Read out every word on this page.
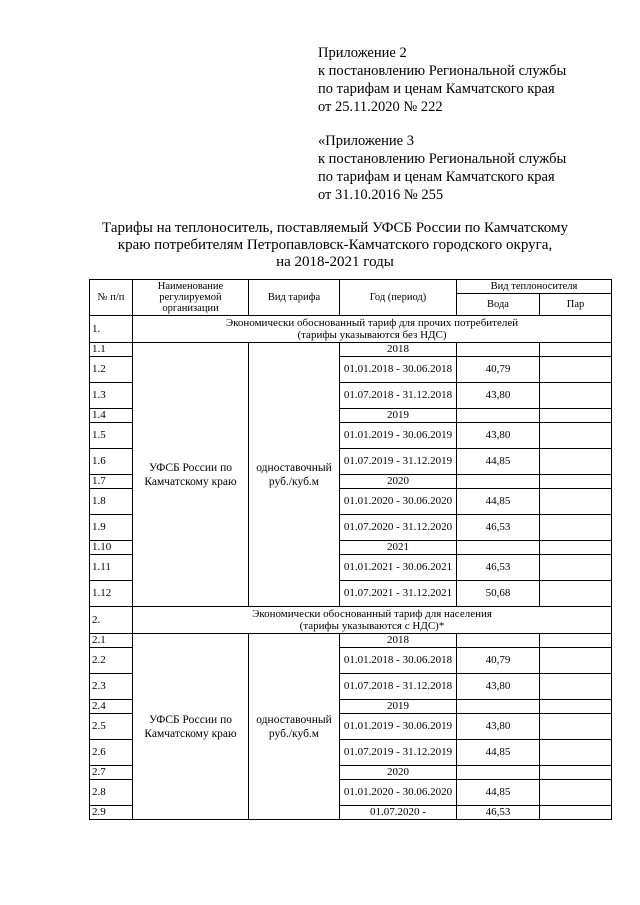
Приложение 2
к постановлению Региональной службы
по тарифам и ценам Камчатского края
от 25.11.2020 № 222
«Приложение 3
к постановлению Региональной службы
по тарифам и ценам Камчатского края
от 31.10.2016 № 255
Тарифы на теплоноситель, поставляемый УФСБ России по Камчатскому
краю потребителям Петропавловск-Камчатского городского округа,
на 2018-2021 годы
№ п/п	Наименование регулируемой организации	Вид тарифа	Год (период)	Вид теплоносителя	
				Вода	Пар
1.	Экономически обоснованный тариф для прочих потребителей
(тарифы указываются без НДС)				

1.1	УФСБ России по Камчатскому краю	одноставочный руб./куб.м	2018		
1.2			01.01.2018 - 30.06.2018	40,79	
1.3			01.07.2018 - 31.12.2018	43,80	
1.4			2019		
1.5			01.01.2019 - 30.06.2019	43,80	
1.6			01.07.2019 - 31.12.2019	44,85	
1.7			2020		
1.8			01.01.2020 - 30.06.2020	44,85	
1.9			01.07.2020 - 31.12.2020	46,53	
1.10			2021		
1.11			01.01.2021 - 30.06.2021	46,53	
1.12			01.07.2021 - 31.12.2021	50,68	
2.	Экономически обоснованный тариф для населения
(тарифы указываются с НДС)*				

2.1	УФСБ России по Камчатскому краю	одноставочный руб./куб.м	2018		
2.2			01.01.2018 - 30.06.2018	40,79	
2.3			01.07.2018 - 31.12.2018	43,80	
2.4			2019		
2.5			01.01.2019 - 30.06.2019	43,80	
2.6			01.07.2019 - 31.12.2019	44,85	
2.7			2020		
2.8			01.01.2020 - 30.06.2020	44,85	
2.9			01.07.2020 -	46,53	
